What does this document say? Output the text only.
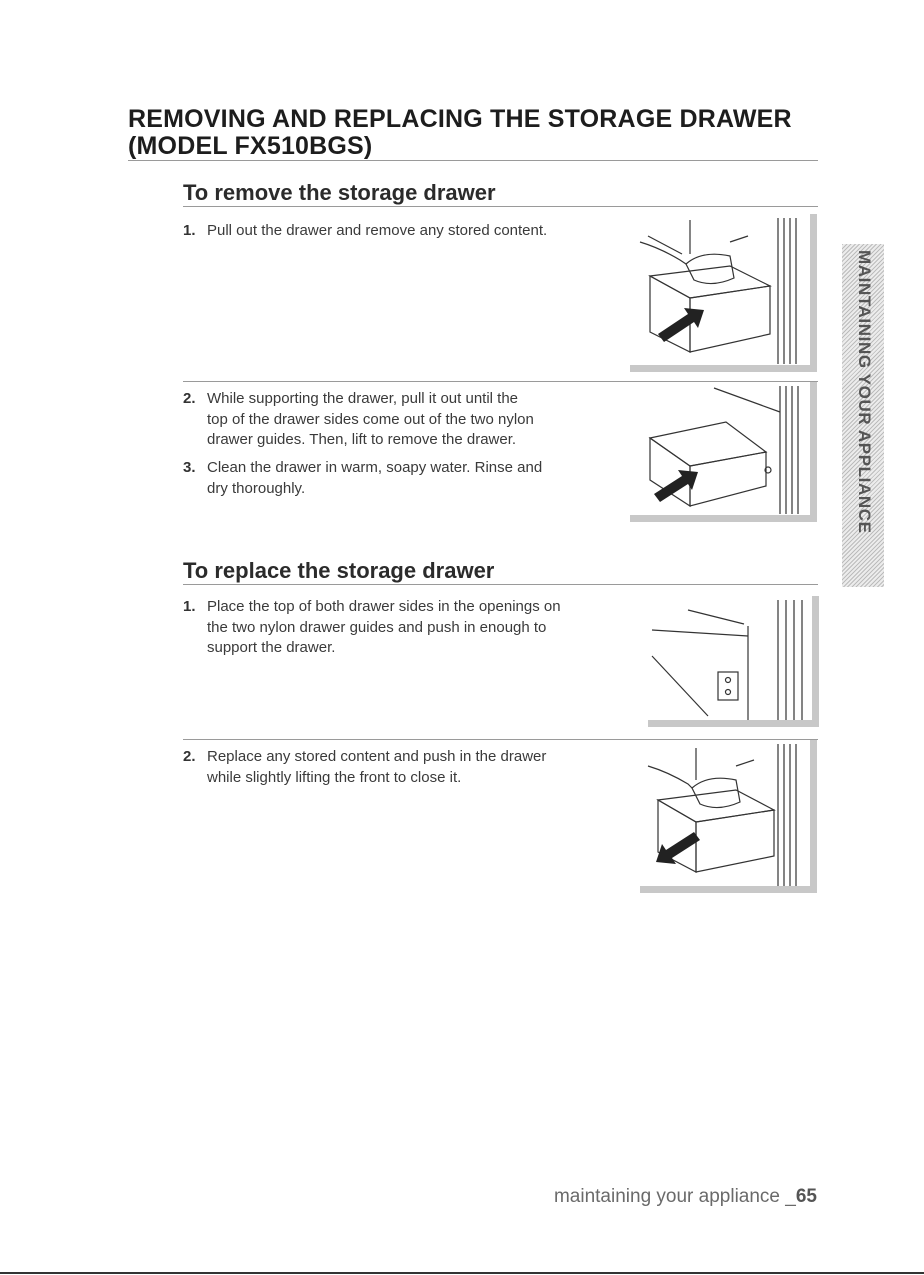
REMOVING AND REPLACING THE STORAGE DRAWER
(MODEL FX510BGS)
To remove the storage drawer
1. Pull out the drawer and remove any stored content.
2. While supporting the drawer, pull it out until the
top of the drawer sides come out of the two nylon
drawer guides. Then, lift to remove the drawer.
3. Clean the drawer in warm, soapy water. Rinse and
dry thoroughly.
To replace the storage drawer
1. Place the top of both drawer sides in the openings on
the two nylon drawer guides and push in enough to
support the drawer.
2. Replace any stored content and push in the drawer
while slightly lifting the front to close it.
MAINTAINING YOUR APPLIANCE
maintaining your appliance _65
